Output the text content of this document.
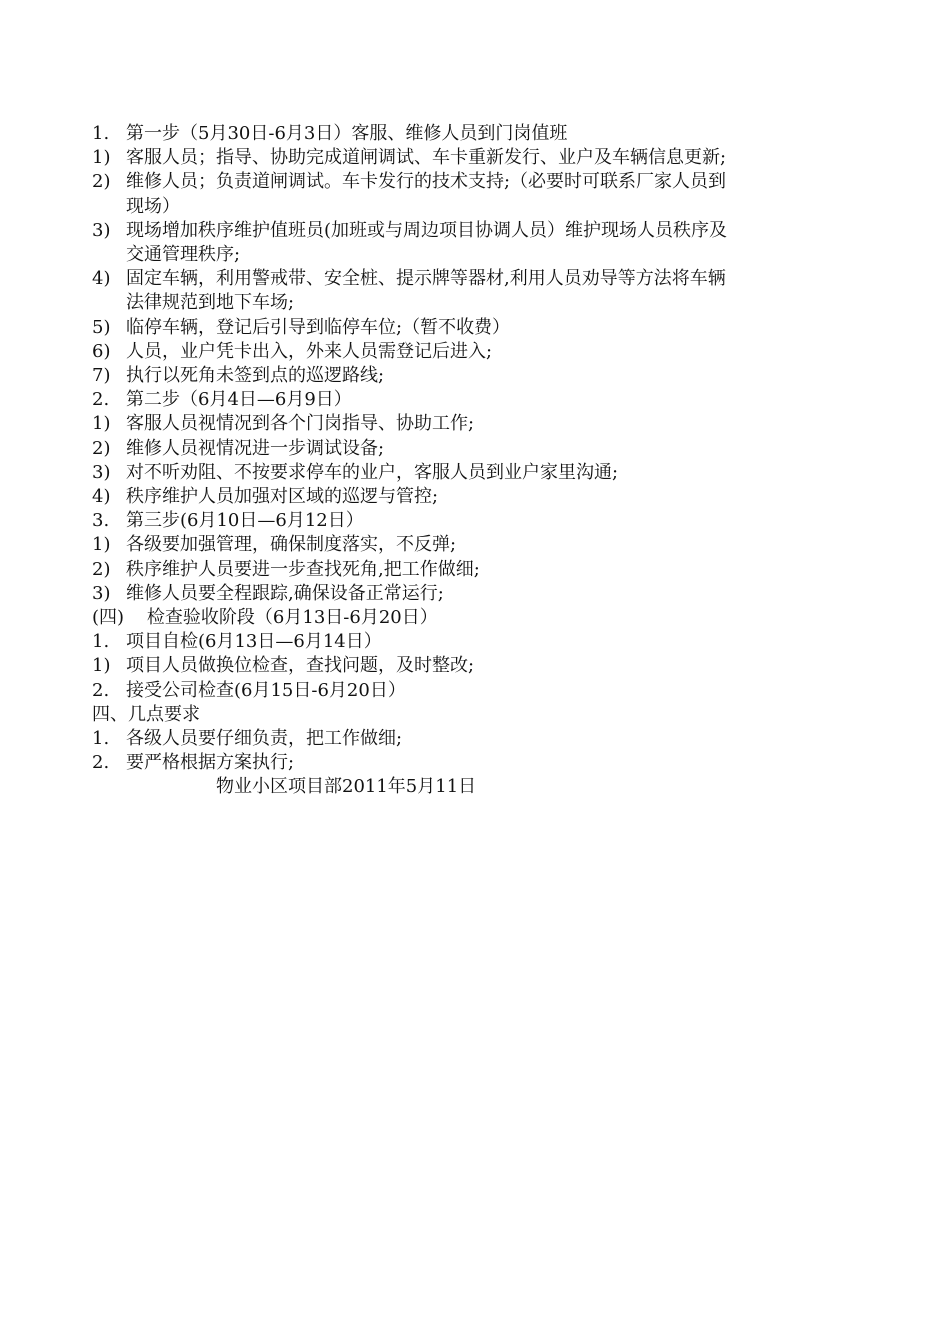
1. 第一步（5月30日-6月3日）客服、维修人员到门岗值班
1) 客服人员；指导、协助完成道闸调试、车卡重新发行、业户及车辆信息更新;
2) 维修人员；负责道闸调试。车卡发行的技术支持;（必要时可联系厂家人员到
现场）
3) 现场增加秩序维护值班员(加班或与周边项目协调人员）维护现场人员秩序及
交通管理秩序;
4) 固定车辆，利用警戒带、安全桩、提示牌等器材,利用人员劝导等方法将车辆
法律规范到地下车场;
5) 临停车辆，登记后引导到临停车位;（暂不收费）
6) 人员，业户凭卡出入，外来人员需登记后进入;
7) 执行以死角未签到点的巡逻路线;
2. 第二步（6月4日—6月9日）
1) 客服人员视情况到各个门岗指导、协助工作;
2) 维修人员视情况进一步调试设备;
3) 对不听劝阻、不按要求停车的业户，客服人员到业户家里沟通;
4) 秩序维护人员加强对区域的巡逻与管控;
3. 第三步(6月10日—6月12日）
1) 各级要加强管理，确保制度落实，不反弹;
2) 秩序维护人员要进一步查找死角,把工作做细;
3) 维修人员要全程跟踪,确保设备正常运行;
(四)    检查验收阶段（6月13日-6月20日）
1. 项目自检(6月13日—6月14日）
1) 项目人员做换位检查，查找问题，及时整改;
2. 接受公司检查(6月15日-6月20日）
四、几点要求
1. 各级人员要仔细负责，把工作做细;
2. 要严格根据方案执行;
物业小区项目部2011年5月11日
